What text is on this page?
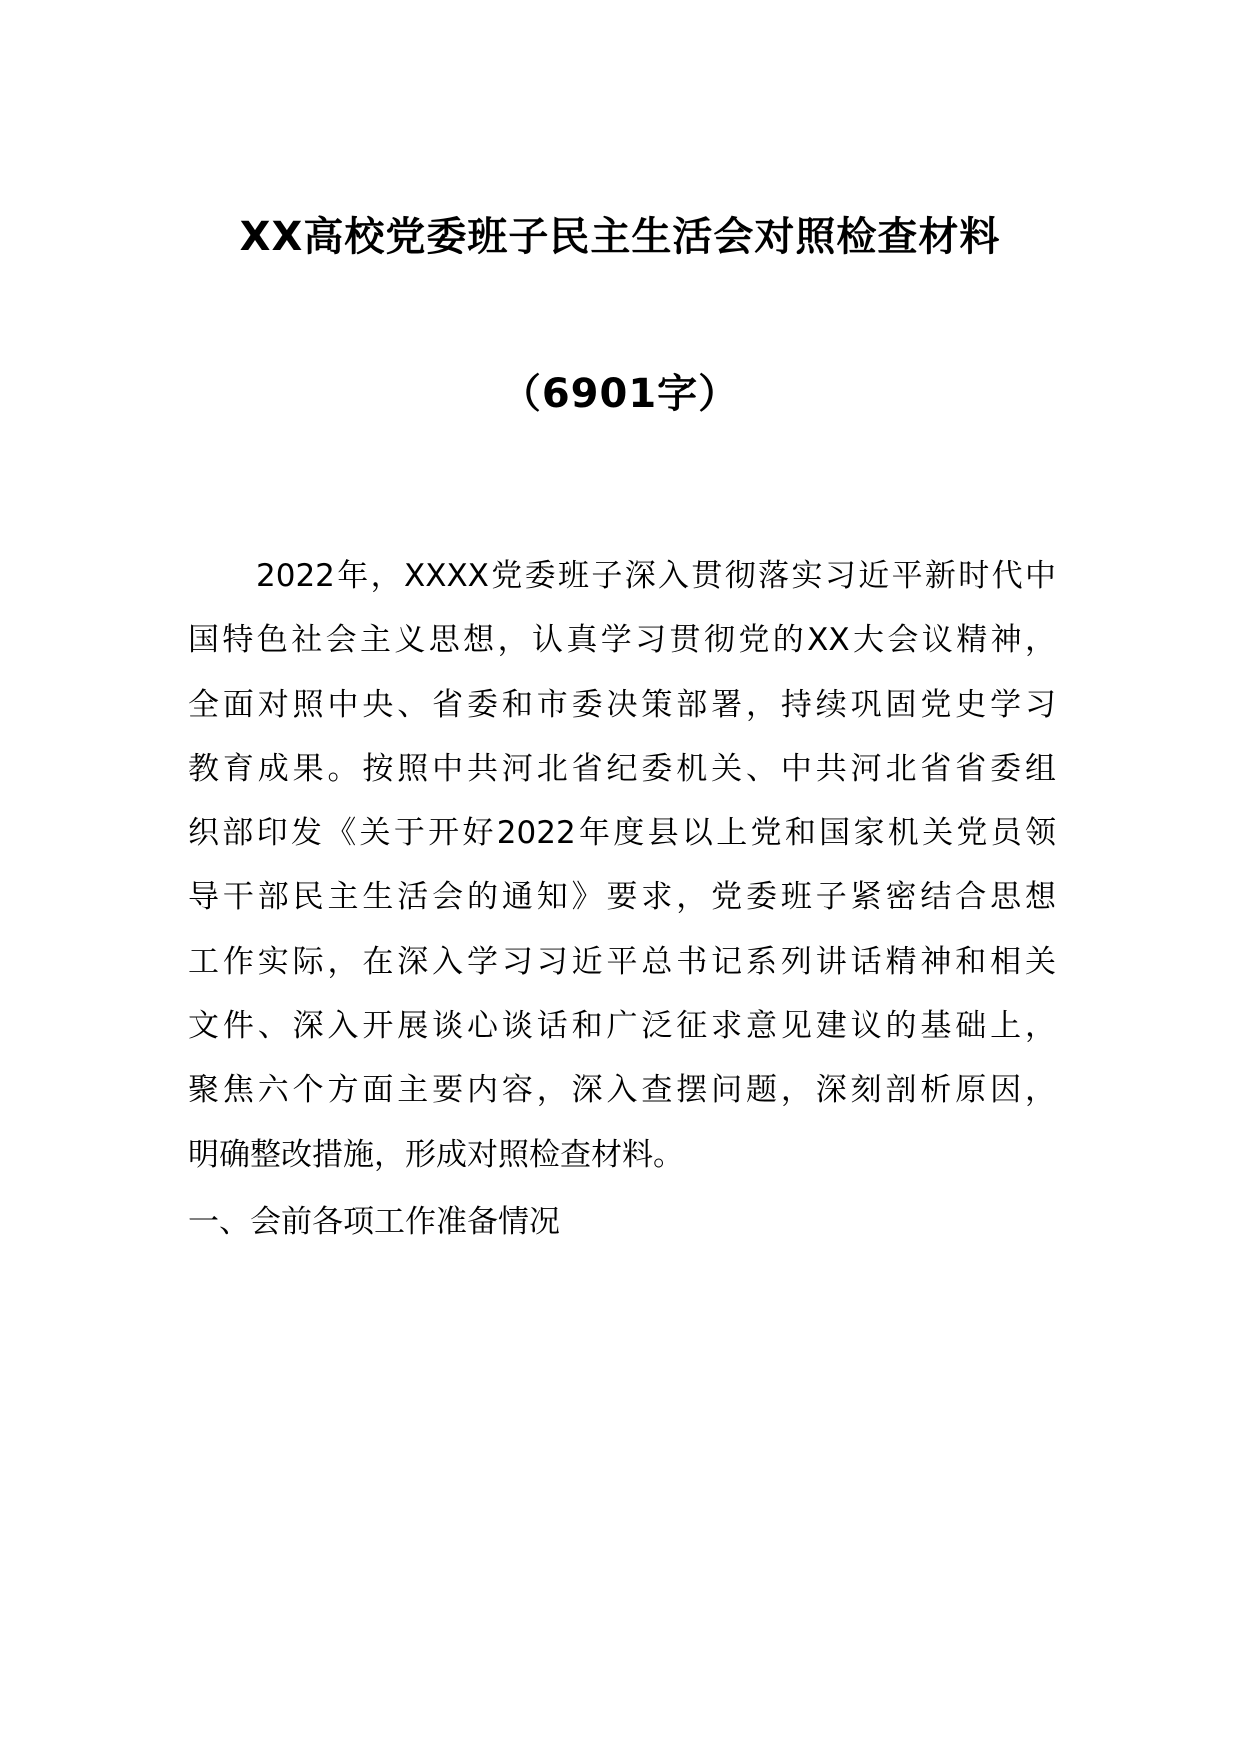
XX高校党委班子民主生活会对照检查材料
（6901字）
2022年，XXXX党委班子深入贯彻落实习近平新时代中
国特色社会主义思想，认真学习贯彻党的XX大会议精神，
全面对照中央、省委和市委决策部署，持续巩固党史学习
教育成果。按照中共河北省纪委机关、中共河北省省委组
织部印发《关于开好2022年度县以上党和国家机关党员领
导干部民主生活会的通知》要求，党委班子紧密结合思想
工作实际，在深入学习习近平总书记系列讲话精神和相关
文件、深入开展谈心谈话和广泛征求意见建议的基础上，
聚焦六个方面主要内容，深入查摆问题，深刻剖析原因，
明确整改措施，形成对照检查材料。

一、会前各项工作准备情况
